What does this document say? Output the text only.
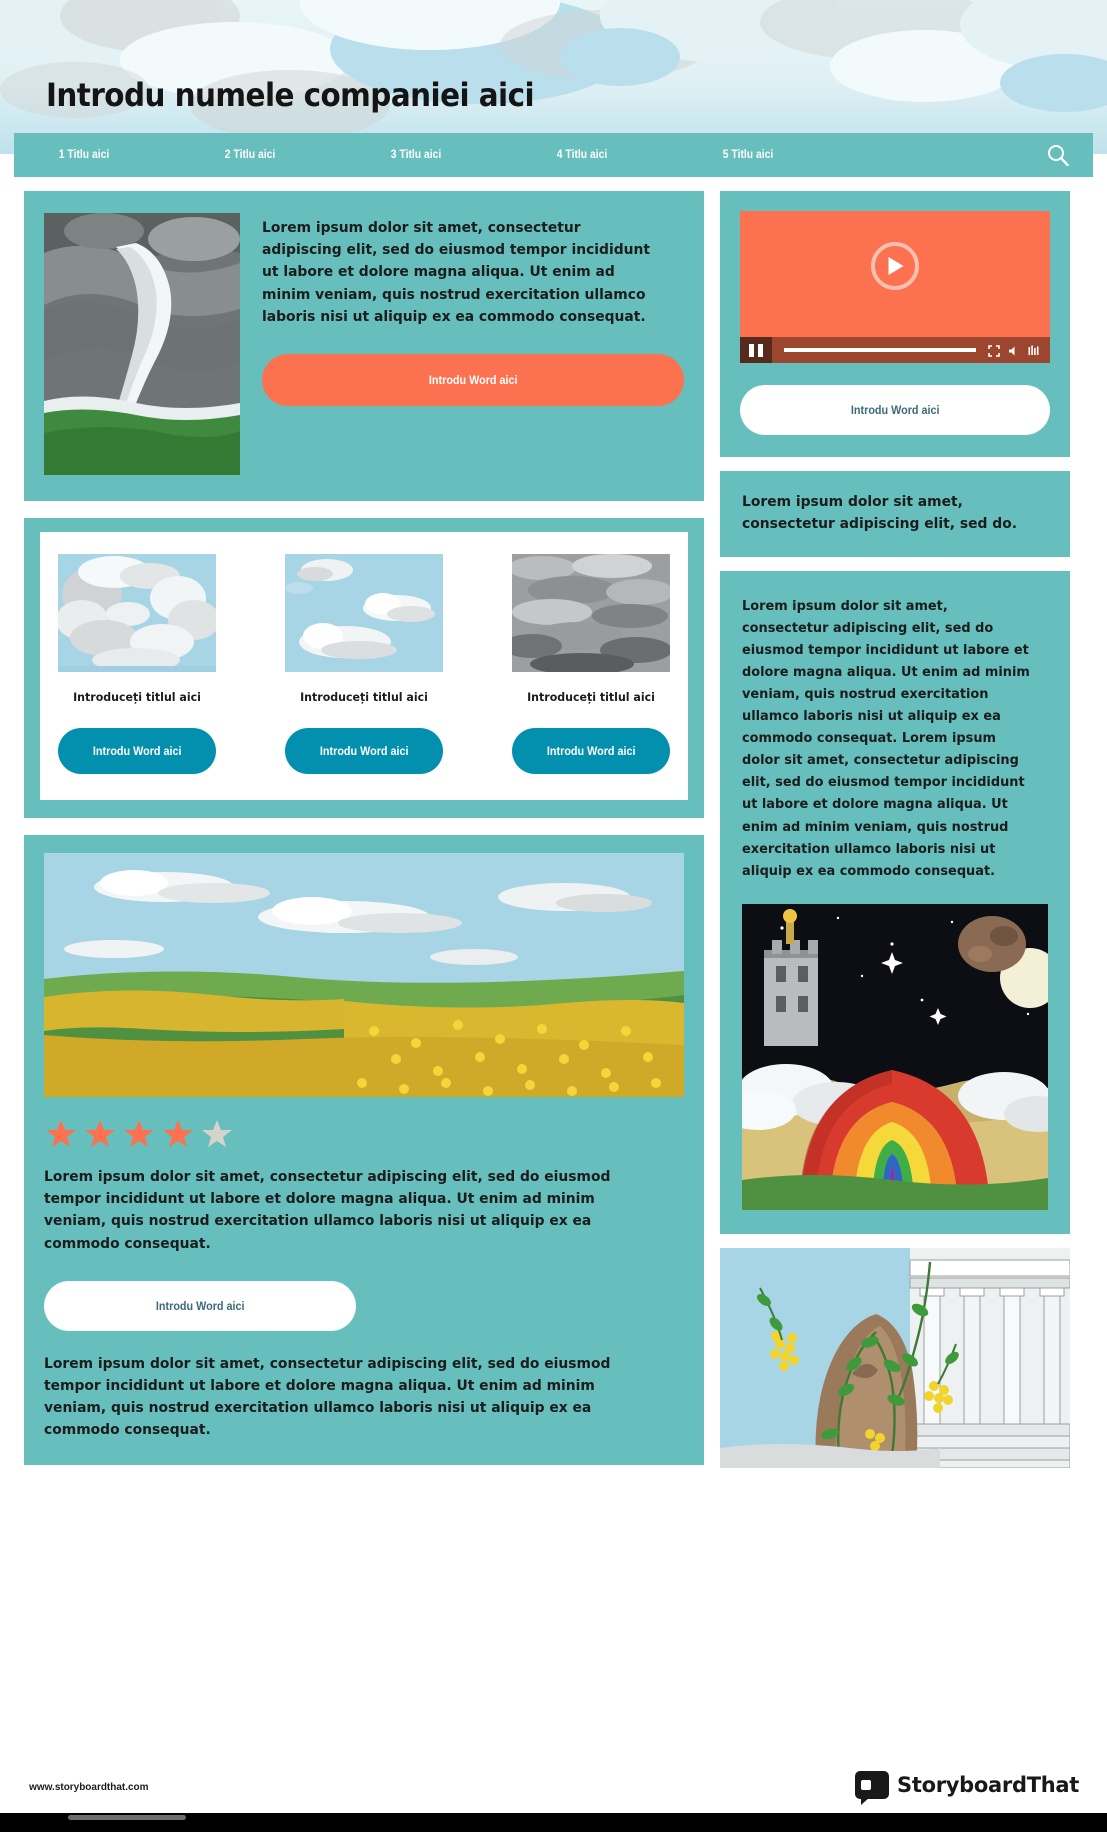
Introdu numele companiei aici
1 Titlu aici	2 Titlu aici	3 Titlu aici	4 Titlu aici	5 Titlu aici
Lorem ipsum dolor sit amet, consectetur adipiscing elit, sed do eiusmod tempor incididunt ut labore et dolore magna aliqua. Ut enim ad minim veniam, quis nostrud exercitation ullamco laboris nisi ut aliquip ex ea commodo consequat.
Introdu Word aici
Introduceți titlul aici	Introduceți titlul aici	Introduceți titlul aici
Introdu Word aici	Introdu Word aici	Introdu Word aici
Lorem ipsum dolor sit amet, consectetur adipiscing elit, sed do eiusmod tempor incididunt ut labore et dolore magna aliqua. Ut enim ad minim veniam, quis nostrud exercitation ullamco laboris nisi ut aliquip ex ea commodo consequat.
Introdu Word aici
Lorem ipsum dolor sit amet, consectetur adipiscing elit, sed do eiusmod tempor incididunt ut labore et dolore magna aliqua. Ut enim ad minim veniam, quis nostrud exercitation ullamco laboris nisi ut aliquip ex ea commodo consequat.
Introdu Word aici
Lorem ipsum dolor sit amet, consectetur adipiscing elit, sed do.
Lorem ipsum dolor sit amet, consectetur adipiscing elit, sed do eiusmod tempor incididunt ut labore et dolore magna aliqua. Ut enim ad minim veniam, quis nostrud exercitation ullamco laboris nisi ut aliquip ex ea commodo consequat. Lorem ipsum dolor sit amet, consectetur adipiscing elit, sed do eiusmod tempor incididunt ut labore et dolore magna aliqua. Ut enim ad minim veniam, quis nostrud exercitation ullamco laboris nisi ut aliquip ex ea commodo consequat.
www.storyboardthat.com	StoryboardThat
